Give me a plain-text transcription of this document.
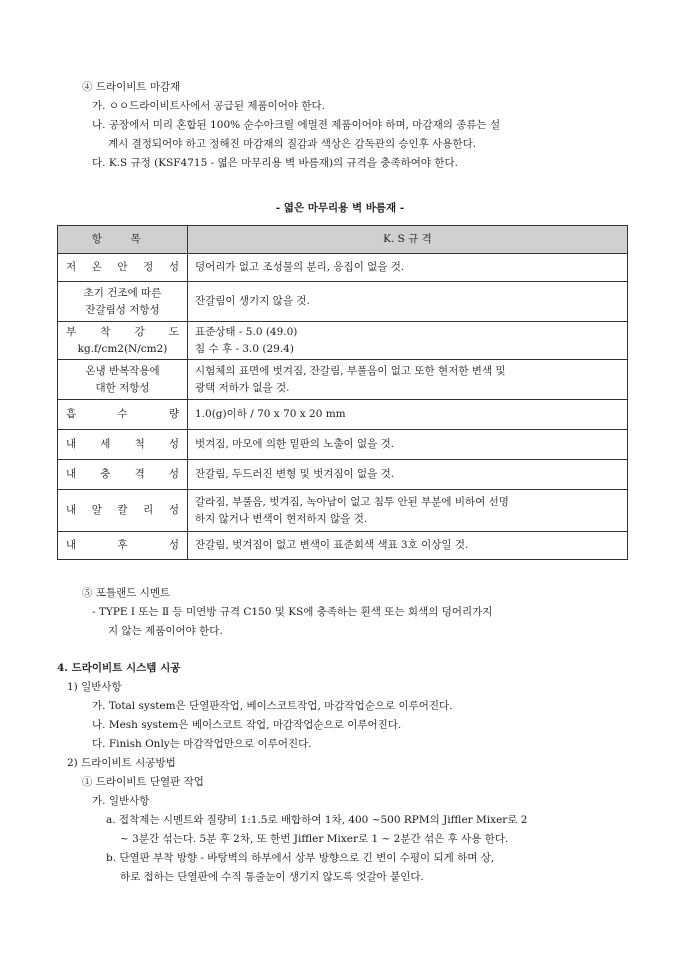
④ 드라이비트 마감재
가. ㅇㅇ드라이비트사에서 공급된 제품이어야 한다.
나. 공장에서 미리 혼합된 100% 순수아크릴 에멀젼 제품이어야 하며, 마감재의 종류는 설
계시 결정되어야 하고 정해진 마감재의 질감과 색상은 감독관의 승인후 사용한다.
다. K.S 규정 (KSF4715 - 엷은 마무리용 벽 바름재)의 규격을 충족하여야 한다.
- 엷은 마무리용 벽 바름재 -
항 목	K. S 규 격
저 온 안 정 성	덩어리가 없고 조성물의 분리, 응집이 없을 것.

초기 건조에 따른
잔갈림성 저항성	잔갈림이 생기지 않을 것.

부 착 강 도
kg.f/cm2(N/cm2)	표준상태 - 5.0 (49.0)
침 수 후 - 3.0 (29.4)

온냉 반복작용에
대한 저항성	시험체의 표면에 벗겨짐, 잔갈림, 부풀음이 없고 또한 현저한 변색 및
광택 저하가 없을 것.

흡 수 량	1.0(g)이하 / 70 x 70 x 20 mm
내 세 척 성	벗겨짐, 마모에 의한 밑판의 노출이 없을 것.
내 충 격 성	잔갈림, 두드러진 변형 및 벗겨짐이 없을 것.
내 알 칼 리 성	갈라짐, 부풀음, 벗겨짐, 녹아남이 없고 침투 안된 부분에 비하여 선명
하지 않거나 변색이 현저하지 않을 것.

내 후 성	잔갈림, 벗겨짐이 없고 변색이 표준회색 색표 3호 이상일 것.
⑤ 포틀랜드 시멘트
- TYPE Ⅰ 또는 Ⅱ 등 미연방 규격 C150 및 KS에 충족하는 흰색 또는 회색의 덩어리가지
지 않는 제품이어야 한다.
4. 드라이비트 시스템 시공
1) 일반사항
가. Total system은 단열판작업, 베이스코트작업, 마감작업순으로 이루어진다.
나. Mesh system은 베이스코트 작업, 마감작업순으로 이루어진다.
다. Finish Only는 마감작업만으로 이루어진다.
2) 드라이비트 시공방법
① 드라이비트 단열판 작업
가. 일반사항
a. 접착제는 시멘트와 질량비 1:1.5로 배합하여 1차, 400 ~500 RPM의 Jiffler Mixer로 2
~ 3분간 섞는다. 5분 후 2차, 또 한번 Jiffler Mixer로 1 ~ 2분간 섞은 후 사용 한다.
b. 단열판 부착 방향 - 바탕벽의 하부에서 상부 방향으로 긴 변이 수평이 되게 하며 상,
하로 접하는 단열판에 수직 통줄눈이 생기지 않도록 엇갈아 붙인다.
